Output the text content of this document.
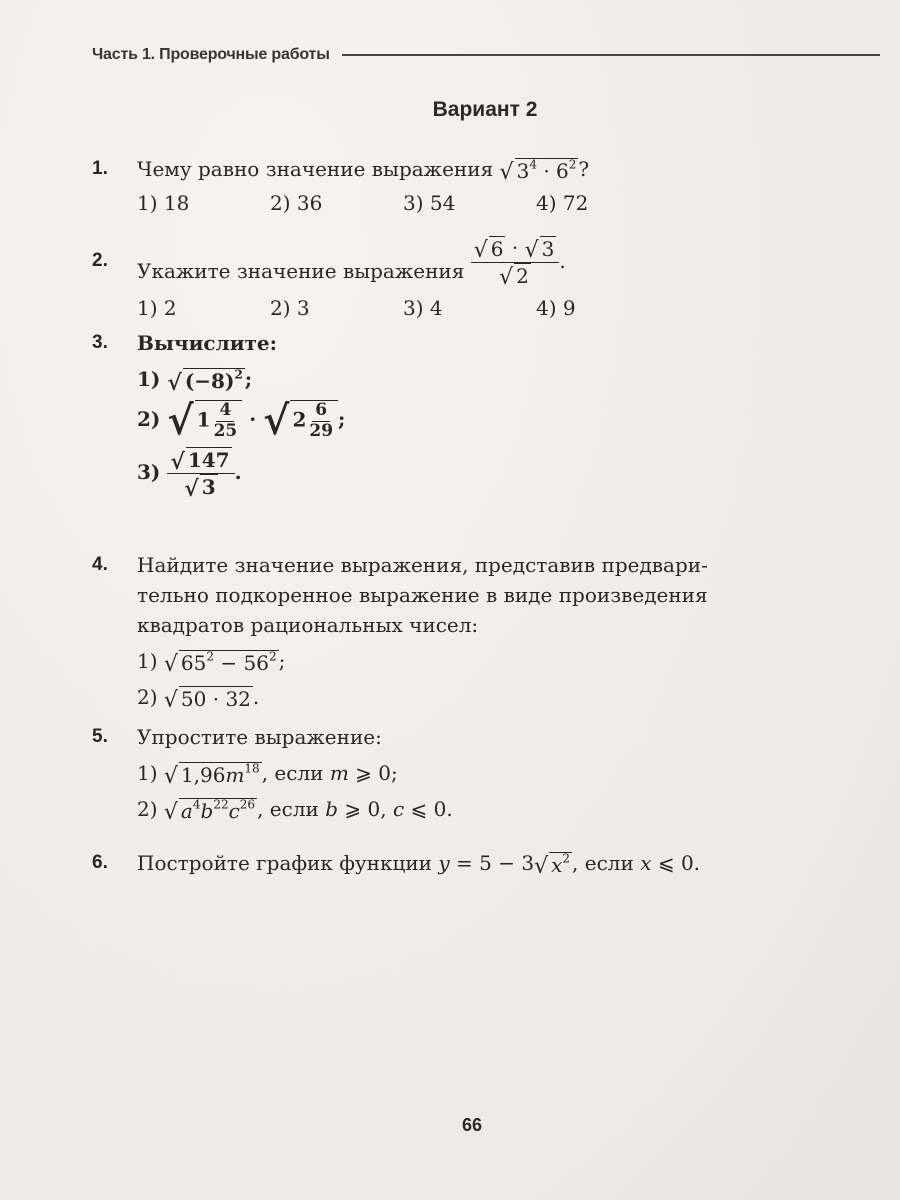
Часть 1. Проверочные работы
Вариант 2
1.	Чему равно значение выражения √ $3^4 \cdot 6^2$ ?
1) 18	2) 36	3) 54	4) 72
2.	Укажите значение выражения $\frac{√ 6 \cdot √ 3}{√ 2}$ .
1) 2	2) 3	3) 4	4) 9
3.	Вычислите:
1) √ $(-8)^2$ ;
2) √ $1 \frac{4}{25}$ · √ $2 \frac{6}{29}$ ;
$3) \frac{√ 147}{√ 3}$ .
4.	Найдите значение выражения, представив предвари-
тельно подкоренное выражение в виде произведения
квадратов рациональных чисел:
1) √ $65^2 - 56^2$ ;
2) √ 50 · 32 .
5.	Упростите выражение:
1) √ $1,96m^{18}$ , если m ⩾ 0;
2) √ $a^4b^{22}c^{26}$ , если b ⩾ 0, c ⩽ 0.
6.	Постройте график функции y = 5 − 3 √ $x^2$ , если x ⩽ 0.
66
